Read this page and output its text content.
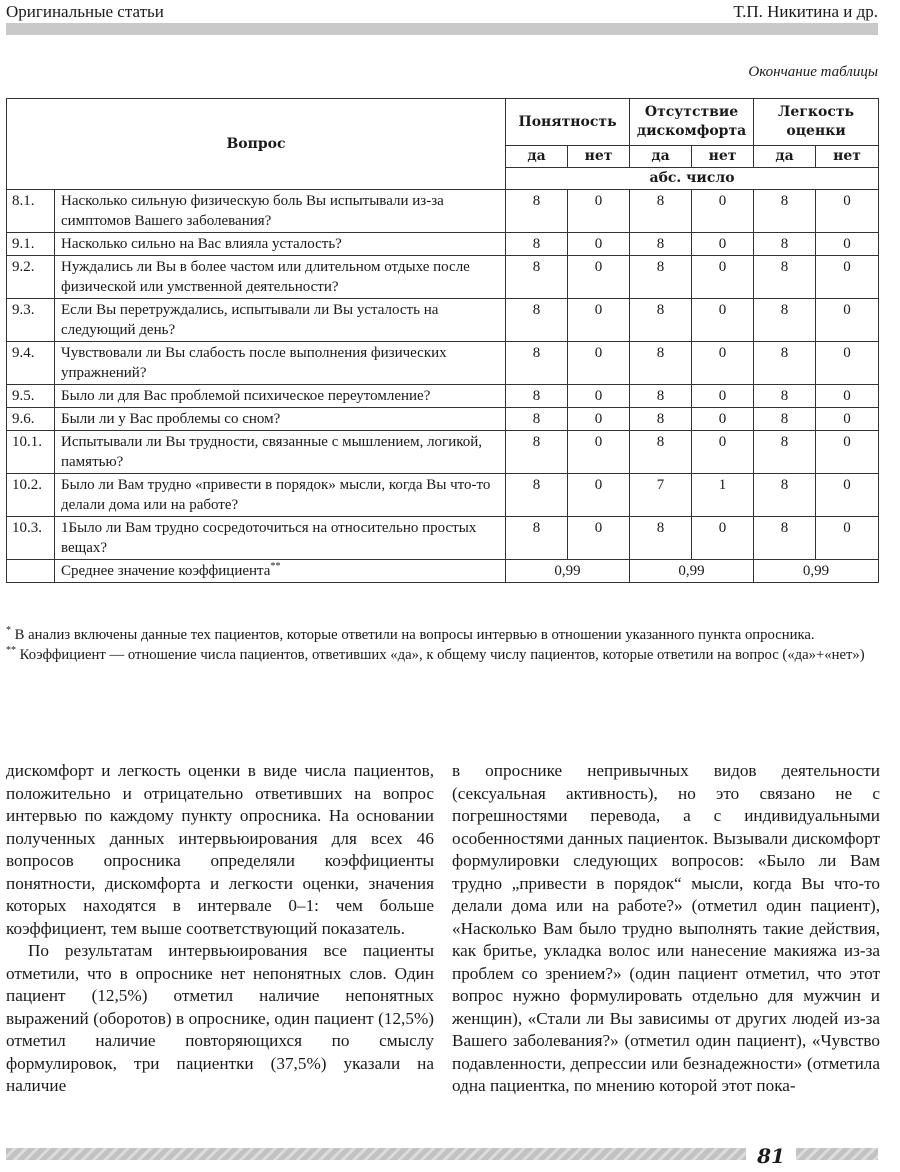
Оригинальные статьи	Т.П. Никитина и др.
Окончание таблицы
Вопрос		Понятность		Отсутствие дискомфорта		Легкость оценки	
		да	нет	да	нет	да	нет
		абс. число					
8.1.	Насколько сильную физическую боль Вы испытывали из-за симптомов Вашего заболевания?	8	0	8	0	8	0
9.1.	Насколько сильно на Вас влияла усталость?	8	0	8	0	8	0
9.2.	Нуждались ли Вы в более частом или длительном отдыхе после физической или умственной деятельности?	8	0	8	0	8	0
9.3.	Если Вы перетруждались, испытывали ли Вы усталость на следующий день?	8	0	8	0	8	0
9.4.	Чувствовали ли Вы слабость после выполнения физических упражнений?	8	0	8	0	8	0
9.5.	Было ли для Вас проблемой психическое переутомление?	8	0	8	0	8	0
9.6.	Были ли у Вас проблемы со сном?	8	0	8	0	8	0
10.1.	Испытывали ли Вы трудности, связанные с мышлением, логикой, памятью?	8	0	8	0	8	0
10.2.	Было ли Вам трудно «привести в порядок» мысли, когда Вы что-то делали дома или на работе?	8	0	7	1	8	0
10.3.	1Было ли Вам трудно сосредоточиться на относительно простых вещах?	8	0	8	0	8	0
	Среднее значение коэффициента**	0,99		0,99		0,99	

* В анализ включены данные тех пациентов, которые ответили на вопросы интервью в отношении указанного пункта опросника.

** Коэффициент — отношение числа пациентов, ответивших «да», к общему числу пациентов, которые ответили на вопрос («да»+«нет»)

дискомфорт и легкость оценки в виде числа пациентов, положительно и отрицательно ответивших на вопрос интервью по каждому пункту опросника. На основании полученных данных интервьюирования для всех 46 вопросов опросника определяли коэффициенты понятности, дискомфорта и легкости оценки, значения которых находятся в интервале 0–1: чем больше коэффициент, тем выше соответствующий показатель.

По результатам интервьюирования все пациенты отметили, что в опроснике нет непонятных слов. Один пациент (12,5%) отметил наличие непонятных выражений (оборотов) в опроснике, один пациент (12,5%) отметил наличие повторяющихся по смыслу формулировок, три пациентки (37,5%) указали на наличие

в опроснике непривычных видов деятельности (сексуальная активность), но это связано не с погрешностями перевода, а с индивидуальными особенностями данных пациенток. Вызывали дискомфорт формулировки следующих вопросов: «Было ли Вам трудно „привести в порядок“ мысли, когда Вы что-то делали дома или на работе?» (отметил один пациент), «Насколько Вам было трудно выполнять такие действия, как бритье, укладка волос или нанесение макияжа из-за проблем со зрением?» (один пациент отметил, что этот вопрос нужно формулировать отдельно для мужчин и женщин), «Стали ли Вы зависимы от других людей из-за Вашего заболевания?» (отметил один пациент), «Чувство подавленности, депрессии или безнадежности» (отметила одна пациентка, по мнению которой этот пока-

81
